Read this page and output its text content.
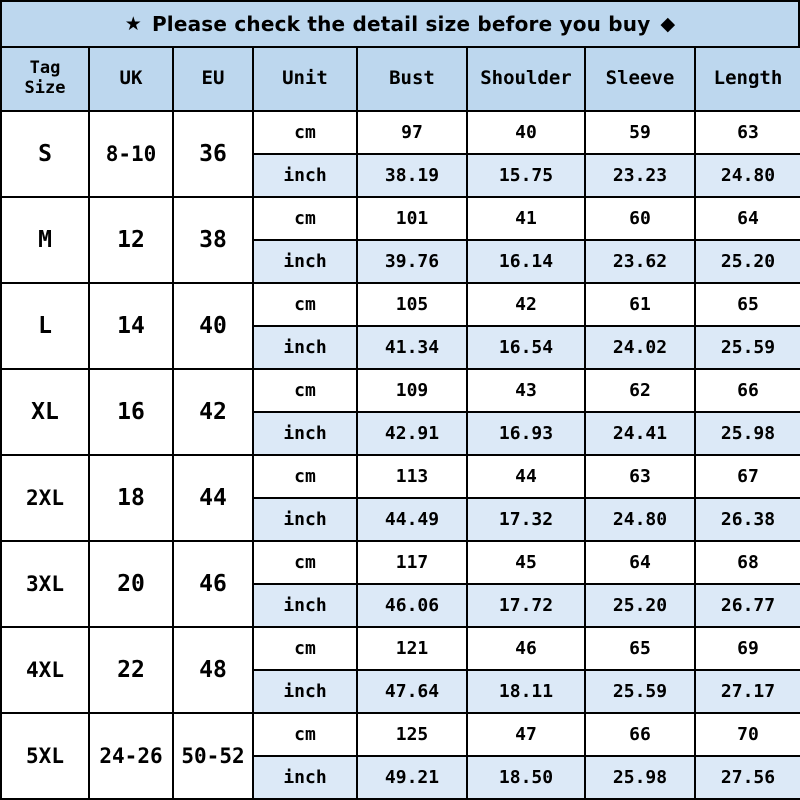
★ Please check the detail size before you buy ◆
Tag
Size	UK	EU	Unit	Bust	Shoulder	Sleeve	Length
S	8-10	36	cm	97	40	59	63
			inch	38.19	15.75	23.23	24.80
M	12	38	cm	101	41	60	64
			inch	39.76	16.14	23.62	25.20
L	14	40	cm	105	42	61	65
			inch	41.34	16.54	24.02	25.59
XL	16	42	cm	109	43	62	66
			inch	42.91	16.93	24.41	25.98
2XL	18	44	cm	113	44	63	67
			inch	44.49	17.32	24.80	26.38
3XL	20	46	cm	117	45	64	68
			inch	46.06	17.72	25.20	26.77
4XL	22	48	cm	121	46	65	69
			inch	47.64	18.11	25.59	27.17
5XL	24-26	50-52	cm	125	47	66	70
			inch	49.21	18.50	25.98	27.56
